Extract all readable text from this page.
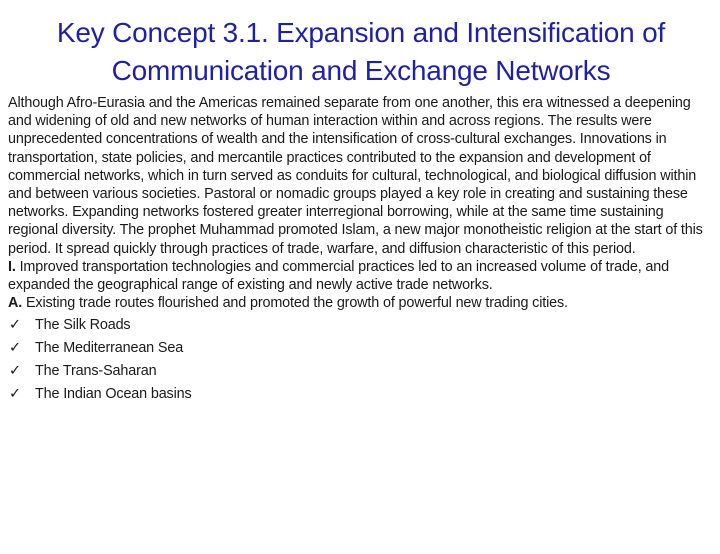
Key Concept 3.1. Expansion and Intensification of
Communication and Exchange Networks

Although Afro-Eurasia and the Americas remained separate from one another, this era witnessed a deepening and widening of old and new networks of human interaction within and across regions. The results were unprecedented concentrations of wealth and the intensification of cross-cultural exchanges. Innovations in transportation, state policies, and mercantile practices contributed to the expansion and development of commercial networks, which in turn served as conduits for cultural, technological, and biological diffusion within and between various societies. Pastoral or nomadic groups played a key role in creating and sustaining these networks. Expanding networks fostered greater interregional borrowing, while at the same time sustaining regional diversity. The prophet Muhammad promoted Islam, a new major monotheistic religion at the start of this period. It spread quickly through practices of trade, warfare, and diffusion characteristic of this period.

I. Improved transportation technologies and commercial practices led to an increased volume of trade, and expanded the geographical range of existing and newly active trade networks.

A. Existing trade routes flourished and promoted the growth of powerful new trading cities.

✓ The Silk Roads
✓ The Mediterranean Sea
✓ The Trans-Saharan
✓ The Indian Ocean basins
